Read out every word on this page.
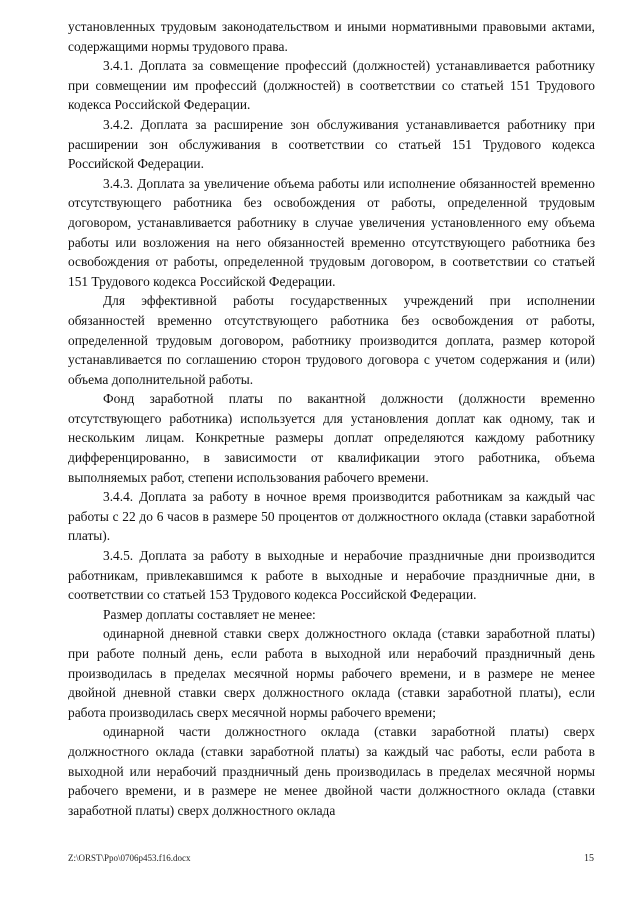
установленных трудовым законодательством и иными нормативными правовыми актами, содержащими нормы трудового права.

3.4.1. Доплата за совмещение профессий (должностей) устанавливается работнику при совмещении им профессий (должностей) в соответствии со статьей 151 Трудового кодекса Российской Федерации.

3.4.2. Доплата за расширение зон обслуживания устанавливается работнику при расширении зон обслуживания в соответствии со статьей 151 Трудового кодекса Российской Федерации.

3.4.3. Доплата за увеличение объема работы или исполнение обязанностей временно отсутствующего работника без освобождения от работы, определенной трудовым договором, устанавливается работнику в случае увеличения установленного ему объема работы или возложения на него обязанностей временно отсутствующего работника без освобождения от работы, определенной трудовым договором, в соответствии со статьей 151 Трудового кодекса Российской Федерации.

Для эффективной работы государственных учреждений при исполнении обязанностей временно отсутствующего работника без освобождения от работы, определенной трудовым договором, работнику производится доплата, размер которой устанавливается по соглашению сторон трудового договора с учетом содержания и (или) объема дополнительной работы.

Фонд заработной платы по вакантной должности (должности временно отсутствующего работника) используется для установления доплат как одному, так и нескольким лицам. Конкретные размеры доплат определяются каждому работнику дифференцированно, в зависимости от квалификации этого работника, объема выполняемых работ, степени использования рабочего времени.

3.4.4. Доплата за работу в ночное время производится работникам за каждый час работы с 22 до 6 часов в размере 50 процентов от должностного оклада (ставки заработной платы).

3.4.5. Доплата за работу в выходные и нерабочие праздничные дни производится работникам, привлекавшимся к работе в выходные и нерабочие праздничные дни, в соответствии со статьей 153 Трудового кодекса Российской Федерации.

Размер доплаты составляет не менее:

одинарной дневной ставки сверх должностного оклада (ставки заработной платы) при работе полный день, если работа в выходной или нерабочий праздничный день производилась в пределах месячной нормы рабочего времени, и в размере не менее двойной дневной ставки сверх должностного оклада (ставки заработной платы), если работа производилась сверх месячной нормы рабочего времени;

одинарной части должностного оклада (ставки заработной платы) сверх должностного оклада (ставки заработной платы) за каждый час работы, если работа в выходной или нерабочий праздничный день производилась в пределах месячной нормы рабочего времени, и в размере не менее двойной части должностного оклада (ставки заработной платы) сверх должностного оклада

Z:\ORST\Ppo\0706p453.f16.docx	15
